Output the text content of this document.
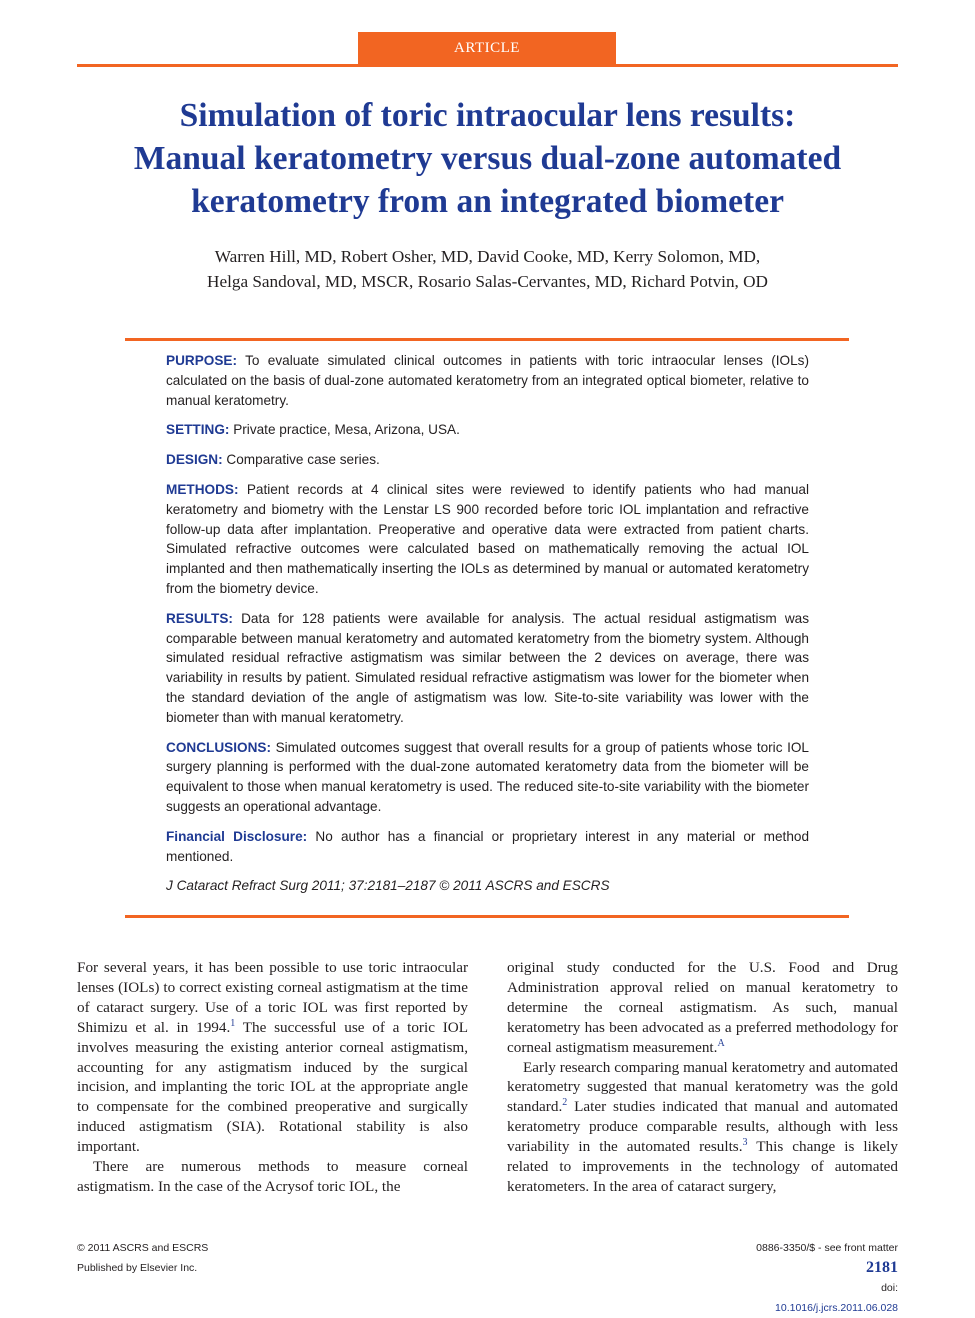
ARTICLE
Simulation of toric intraocular lens results:
Manual keratometry versus dual-zone automated
keratometry from an integrated biometer
Warren Hill, MD, Robert Osher, MD, David Cooke, MD, Kerry Solomon, MD,
Helga Sandoval, MD, MSCR, Rosario Salas-Cervantes, MD, Richard Potvin, OD

PURPOSE: To evaluate simulated clinical outcomes in patients with toric intraocular lenses (IOLs) calculated on the basis of dual-zone automated keratometry from an integrated optical biometer, relative to manual keratometry.

SETTING: Private practice, Mesa, Arizona, USA.

DESIGN: Comparative case series.

METHODS: Patient records at 4 clinical sites were reviewed to identify patients who had manual keratometry and biometry with the Lenstar LS 900 recorded before toric IOL implantation and refractive follow-up data after implantation. Preoperative and operative data were extracted from patient charts. Simulated refractive outcomes were calculated based on mathematically removing the actual IOL implanted and then mathematically inserting the IOLs as determined by manual or automated keratometry from the biometry device.

RESULTS: Data for 128 patients were available for analysis. The actual residual astigmatism was comparable between manual keratometry and automated keratometry from the biometry system. Although simulated residual refractive astigmatism was similar between the 2 devices on average, there was variability in results by patient. Simulated residual refractive astigmatism was lower for the biometer when the standard deviation of the angle of astigmatism was low. Site-to-site variability was lower with the biometer than with manual keratometry.

CONCLUSIONS: Simulated outcomes suggest that overall results for a group of patients whose toric IOL surgery planning is performed with the dual-zone automated keratometry data from the biometer will be equivalent to those when manual keratometry is used. The reduced site-to-site variability with the biometer suggests an operational advantage.

Financial Disclosure: No author has a financial or proprietary interest in any material or method mentioned.

J Cataract Refract Surg 2011; 37:2181–2187 © 2011 ASCRS and ESCRS

For several years, it has been possible to use toric intraocular lenses (IOLs) to correct existing corneal astigmatism at the time of cataract surgery. Use of a toric IOL was first reported by Shimizu et al. in 1994.$^1$ The successful use of a toric IOL involves measuring the existing anterior corneal astigmatism, accounting for any astigmatism induced by the surgical incision, and implanting the toric IOL at the appropriate angle to compensate for the combined preoperative and surgically induced astigmatism (SIA). Rotational stability is also important.

There are numerous methods to measure corneal astigmatism. In the case of the Acrysof toric IOL, the

original study conducted for the U.S. Food and Drug Administration approval relied on manual keratometry to determine the corneal astigmatism. As such, manual keratometry has been advocated as a preferred methodology for corneal astigmatism measurement.$^A$

Early research comparing manual keratometry and automated keratometry suggested that manual keratometry was the gold standard.$^2$ Later studies indicated that manual and automated keratometry produce comparable results, although with less variability in the automated results.$^3$ This change is likely related to improvements in the technology of automated keratometers. In the area of cataract surgery,

© 2011 ASCRS and ESCRS
Published by Elsevier Inc.
0886-3350/$ - see front matter
2181
doi:
10.1016/j.jcrs.2011.06.028
